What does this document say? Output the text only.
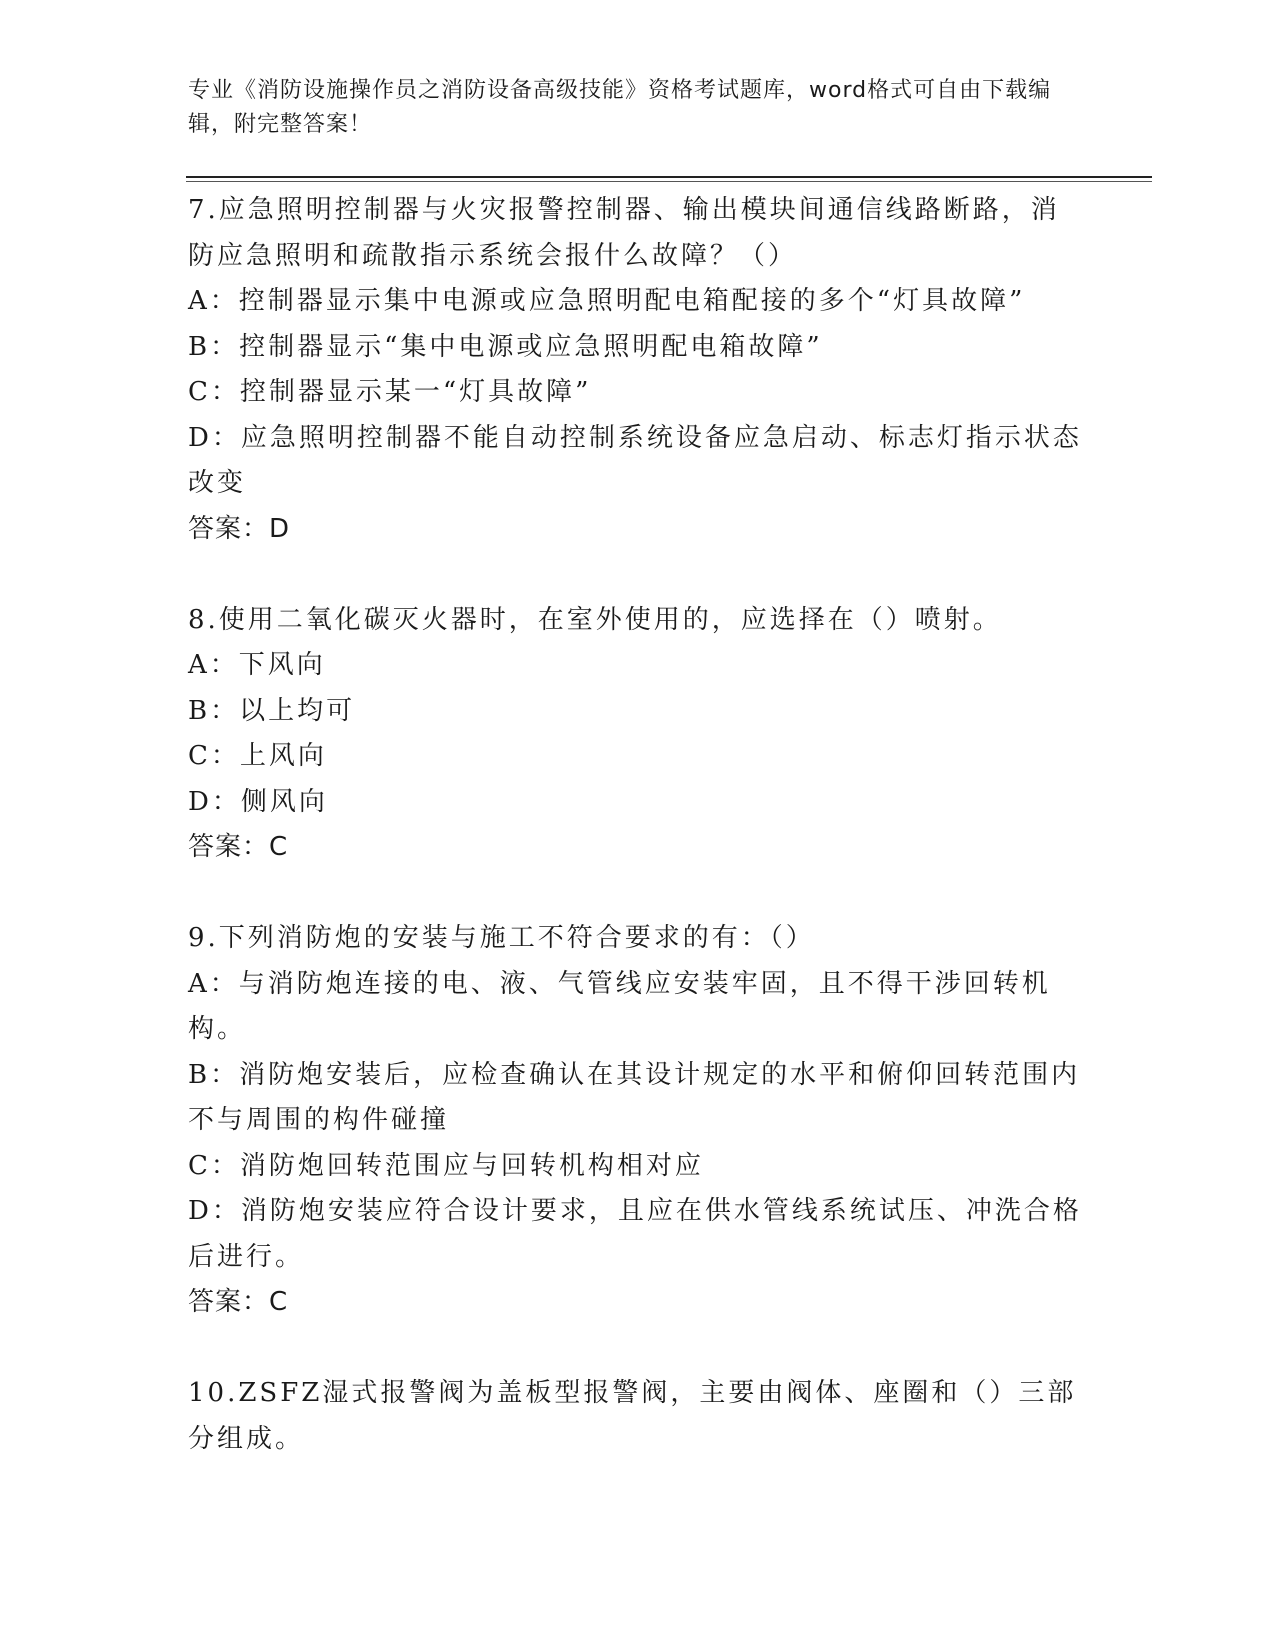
专业《消防设施操作员之消防设备高级技能》资格考试题库，word格式可自由下载编辑，附完整答案！

7.应急照明控制器与火灾报警控制器、输出模块间通信线路断路，消防应急照明和疏散指示系统会报什么故障？（）

A：控制器显示集中电源或应急照明配电箱配接的多个“灯具故障”

B：控制器显示“集中电源或应急照明配电箱故障”

C：控制器显示某一“灯具故障”

D：应急照明控制器不能自动控制系统设备应急启动、标志灯指示状态改变

答案：D

8.使用二氧化碳灭火器时，在室外使用的，应选择在（）喷射。

A：下风向

B：以上均可

C：上风向

D：侧风向

答案：C

9.下列消防炮的安装与施工不符合要求的有：（）

A：与消防炮连接的电、液、气管线应安装牢固，且不得干涉回转机构。

B：消防炮安装后，应检查确认在其设计规定的水平和俯仰回转范围内不与周围的构件碰撞

C：消防炮回转范围应与回转机构相对应

D：消防炮安装应符合设计要求，且应在供水管线系统试压、冲洗合格后进行。

答案：C

10.ZSFZ湿式报警阀为盖板型报警阀，主要由阀体、座圈和（）三部分组成。
